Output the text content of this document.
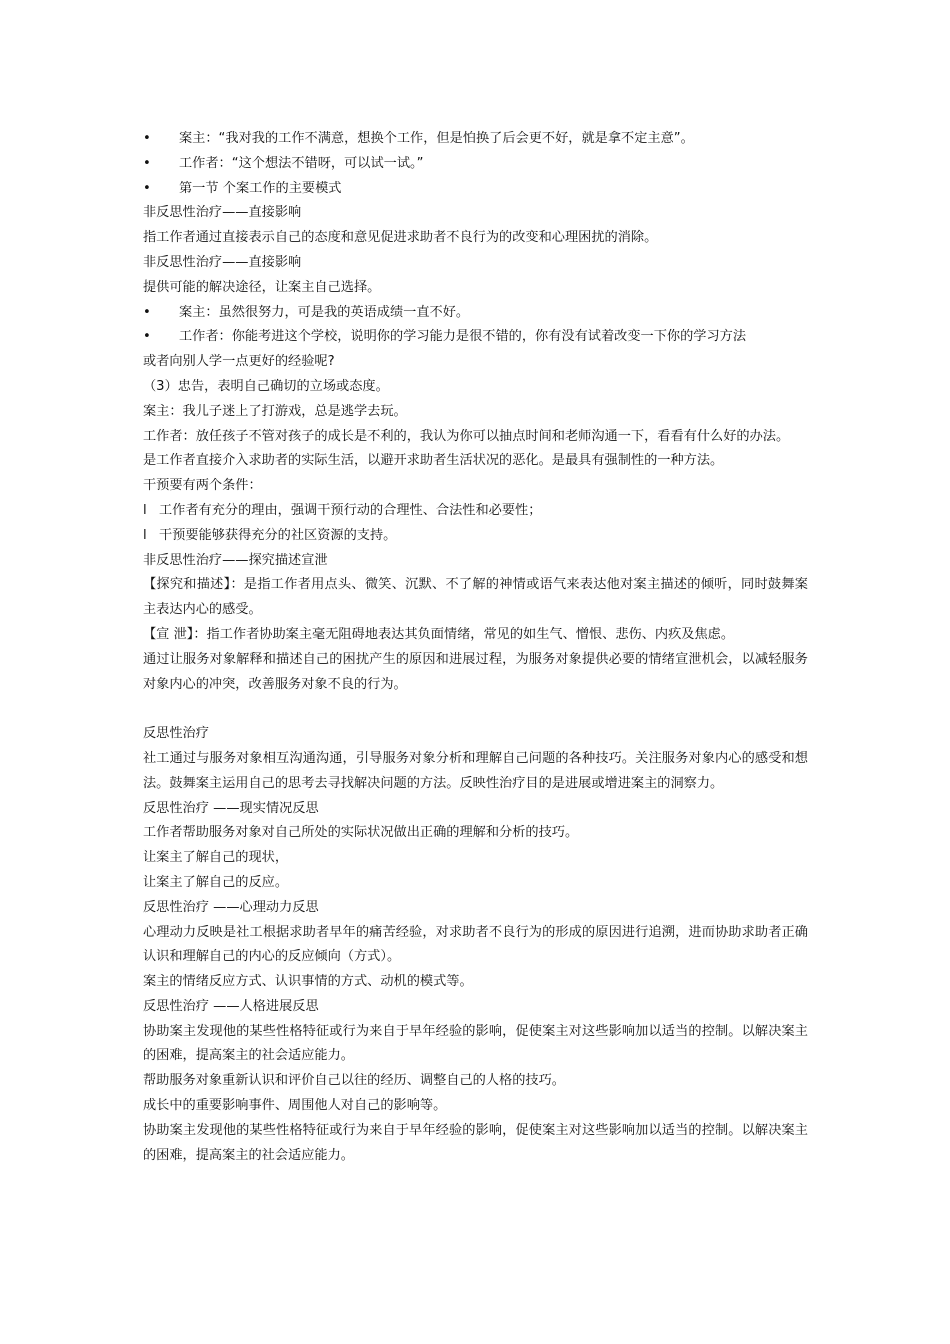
•	案主：“我对我的工作不满意，想换个工作，但是怕换了后会更不好，就是拿不定主意”。
•	工作者：“这个想法不错呀，可以试一试。”
•	第一节 个案工作的主要模式
非反思性治疗——直接影响
指工作者通过直接表示自己的态度和意见促进求助者不良行为的改变和心理困扰的消除。
非反思性治疗——直接影响
提供可能的解决途径，让案主自己选择。
•	案主：虽然很努力，可是我的英语成绩一直不好。
•	工作者：你能考进这个学校，说明你的学习能力是很不错的，你有没有试着改变一下你的学习方法
或者向别人学一点更好的经验呢?
（3）忠告，表明自己确切的立场或态度。
案主：我儿子迷上了打游戏，总是逃学去玩。
工作者：放任孩子不管对孩子的成长是不利的，我认为你可以抽点时间和老师沟通一下，看看有什么好的办法。
是工作者直接介入求助者的实际生活，以避开求助者生活状况的恶化。是最具有强制性的一种方法。
干预要有两个条件：
l 工作者有充分的理由，强调干预行动的合理性、合法性和必要性；
l 干预要能够获得充分的社区资源的支持。
非反思性治疗——探究描述宣泄
【探究和描述】：是指工作者用点头、微笑、沉默、不了解的神情或语气来表达他对案主描述的倾听，同时鼓舞案主表达内心的感受。
【宣 泄】：指工作者协助案主毫无阻碍地表达其负面情绪，常见的如生气、憎恨、悲伤、内疚及焦虑。
通过让服务对象解释和描述自己的困扰产生的原因和进展过程，为服务对象提供必要的情绪宣泄机会，以减轻服务对象内心的冲突，改善服务对象不良的行为。
反思性治疗
社工通过与服务对象相互沟通沟通，引导服务对象分析和理解自己问题的各种技巧。关注服务对象内心的感受和想法。鼓舞案主运用自己的思考去寻找解决问题的方法。反映性治疗目的是进展或增进案主的洞察力。
反思性治疗 ——现实情况反思
工作者帮助服务对象对自己所处的实际状况做出正确的理解和分析的技巧。
让案主了解自己的现状，
让案主了解自己的反应。
反思性治疗 ——心理动力反思
心理动力反映是社工根据求助者早年的痛苦经验，对求助者不良行为的形成的原因进行追溯，进而协助求助者正确认识和理解自己的内心的反应倾向（方式）。
案主的情绪反应方式、认识事情的方式、动机的模式等。
反思性治疗 ——人格进展反思
协助案主发现他的某些性格特征或行为来自于早年经验的影响，促使案主对这些影响加以适当的控制。以解决案主的困难，提高案主的社会适应能力。
帮助服务对象重新认识和评价自己以往的经历、调整自己的人格的技巧。
成长中的重要影响事件、周围他人对自己的影响等。
协助案主发现他的某些性格特征或行为来自于早年经验的影响，促使案主对这些影响加以适当的控制。以解决案主的困难，提高案主的社会适应能力。
